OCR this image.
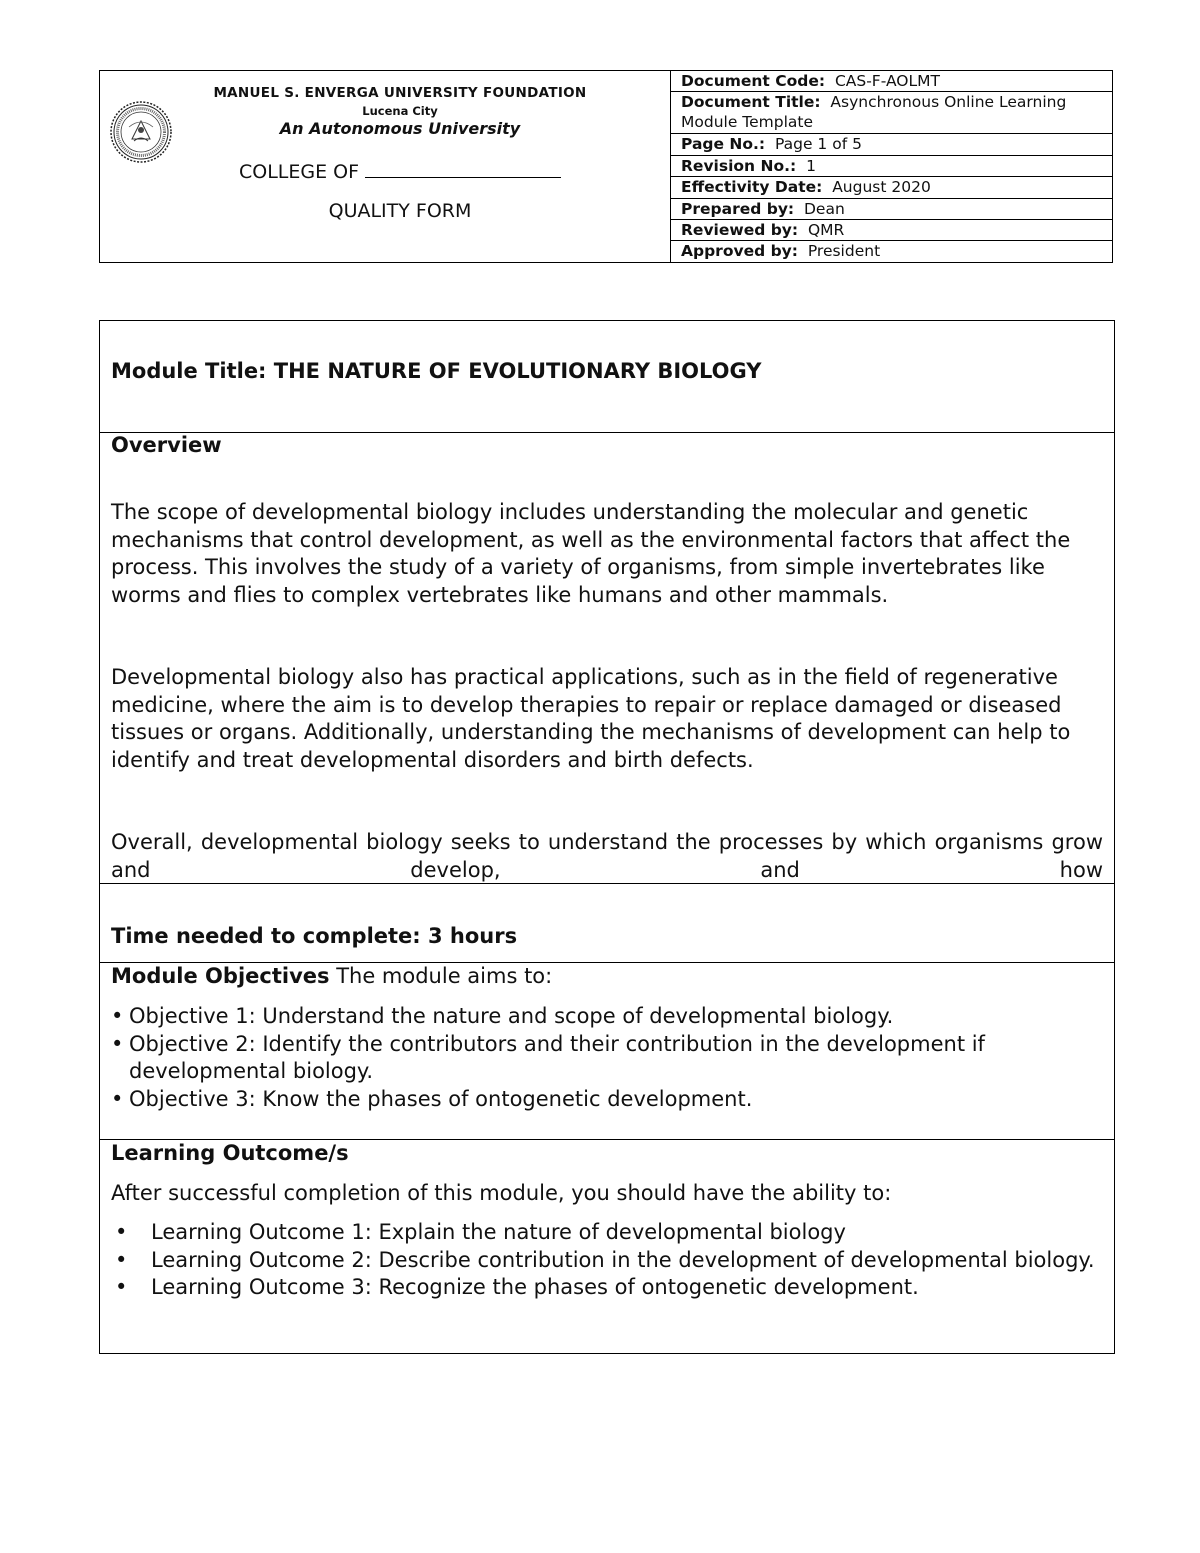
MANUEL S. ENVERGA UNIVERSITY FOUNDATION
Lucena City
An Autonomous University
COLLEGE OF
QUALITY FORM
Document Code: CAS-F-AOLMT
Document Title: Asynchronous Online Learning Module Template
Page No.: Page 1 of 5
Revision No.: 1
Effectivity Date: August 2020
Prepared by: Dean
Reviewed by: QMR
Approved by: President
Module Title: THE NATURE OF EVOLUTIONARY BIOLOGY
Overview
The scope of developmental biology includes understanding the molecular and genetic mechanisms that control development, as well as the environmental factors that affect the process. This involves the study of a variety of organisms, from simple invertebrates like worms and flies to complex vertebrates like humans and other mammals.
Developmental biology also has practical applications, such as in the field of regenerative medicine, where the aim is to develop therapies to repair or replace damaged or diseased tissues or organs. Additionally, understanding the mechanisms of development can help to identify and treat developmental disorders and birth defects.
Overall, developmental biology seeks to understand the processes by which organisms grow and develop, and how
Time needed to complete: 3 hours
Module Objectives The module aims to:
• Objective 1: Understand the nature and scope of developmental biology.
• Objective 2: Identify the contributors and their contribution in the development if developmental biology.
• Objective 3: Know the phases of ontogenetic development.
Learning Outcome/s
After successful completion of this module, you should have the ability to:
• Learning Outcome 1: Explain the nature of developmental biology
• Learning Outcome 2: Describe contribution in the development of developmental biology.
• Learning Outcome 3: Recognize the phases of ontogenetic development.
